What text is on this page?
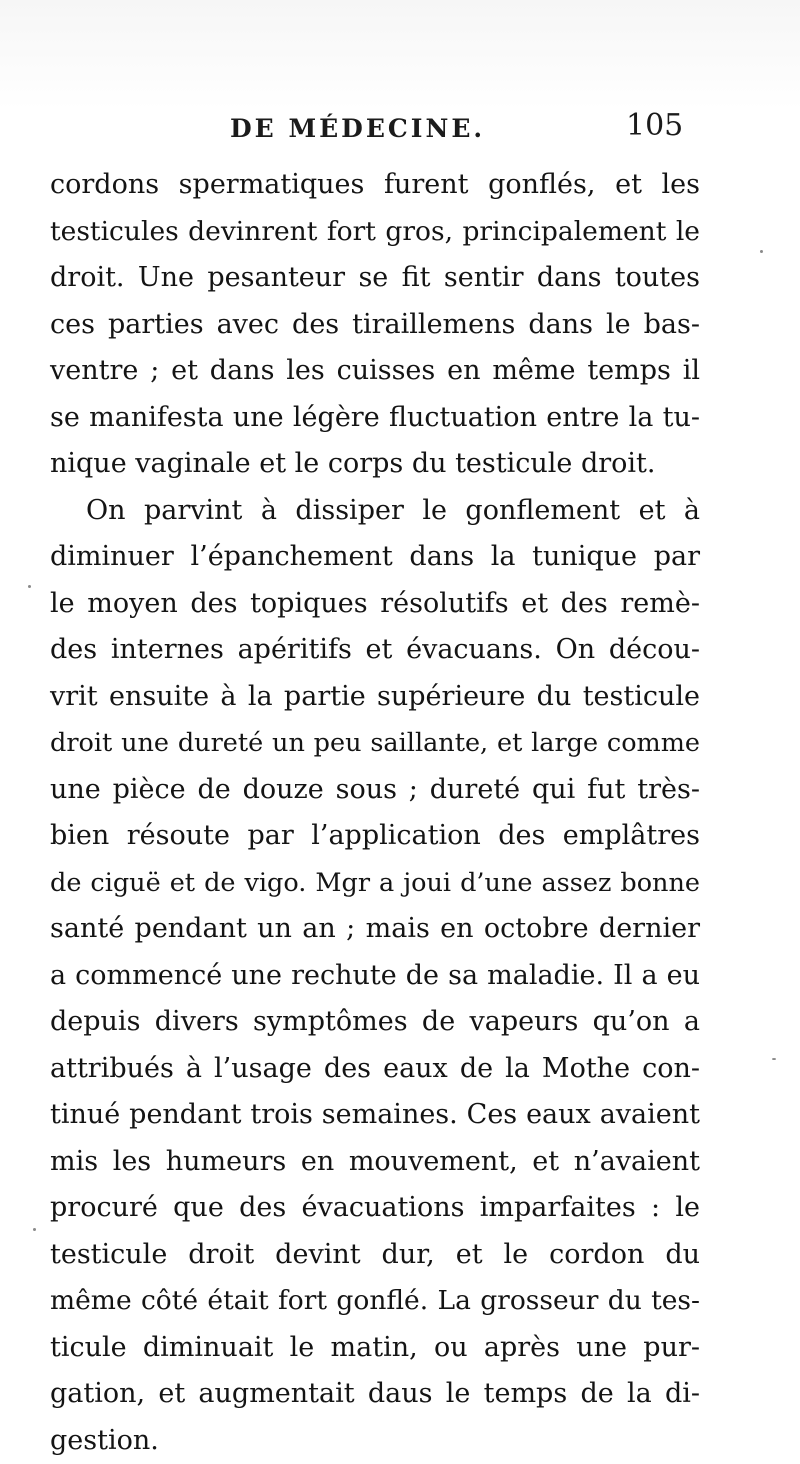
DE MÉDECINE.	105
cordons spermatiques furent gonflés, et les
testicules devinrent fort gros, principalement le
droit. Une pesanteur se fit sentir dans toutes
ces parties avec des tiraillemens dans le bas-
ventre ; et dans les cuisses en même temps il
se manifesta une légère fluctuation entre la tu-
nique vaginale et le corps du testicule droit.
On parvint à dissiper le gonflement et à
diminuer l’épanchement dans la tunique par
le moyen des topiques résolutifs et des remè-
des internes apéritifs et évacuans. On décou-
vrit ensuite à la partie supérieure du testicule
droit une dureté un peu saillante, et large comme
une pièce de douze sous ; dureté qui fut très-
bien résoute par l’application des emplâtres
de ciguë et de vigo. Mgr a joui d’une assez bonne
santé pendant un an ; mais en octobre dernier
a commencé une rechute de sa maladie. Il a eu
depuis divers symptômes de vapeurs qu’on a
attribués à l’usage des eaux de la Mothe con-
tinué pendant trois semaines. Ces eaux avaient
mis les humeurs en mouvement, et n’avaient
procuré que des évacuations imparfaites : le
testicule droit devint dur, et le cordon du
même côté était fort gonflé. La grosseur du tes-
ticule diminuait le matin, ou après une pur-
gation, et augmentait daus le temps de la di-
gestion.
